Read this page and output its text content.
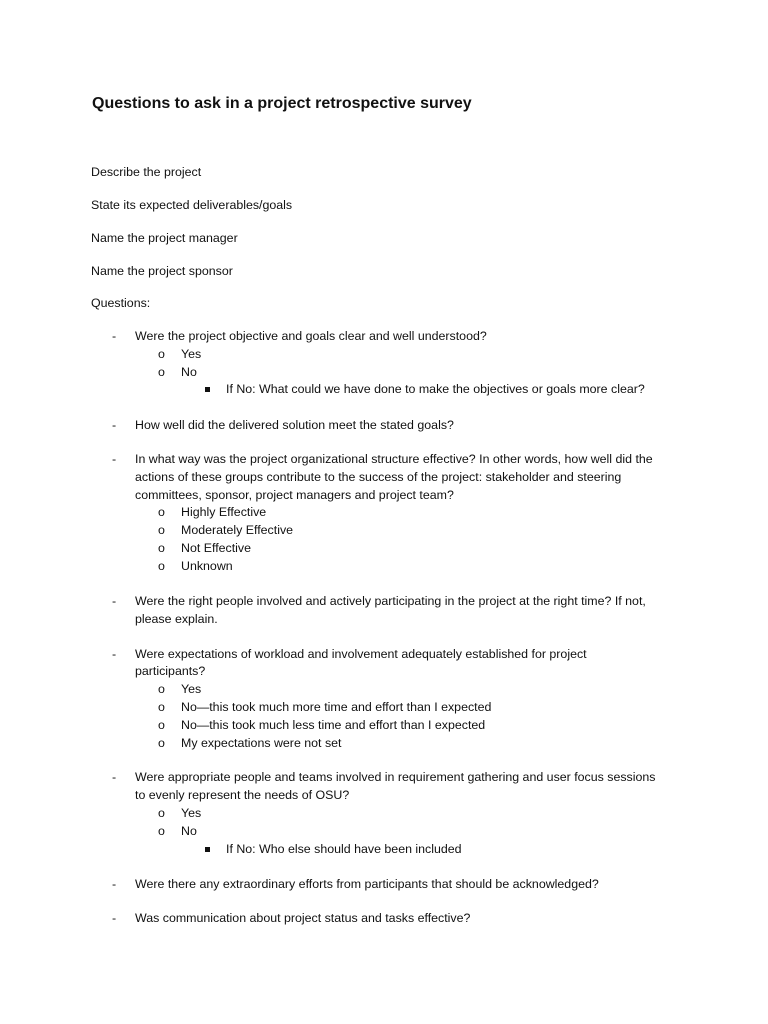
Questions to ask in a project retrospective survey
Describe the project
State its expected deliverables/goals
Name the project manager
Name the project sponsor
Questions:
- Were the project objective and goals clear and well understood?
o Yes
o No
If No: What could we have done to make the objectives or goals more clear?
- How well did the delivered solution meet the stated goals?
- In what way was the project organizational structure effective? In other words, how well did the
actions of these groups contribute to the success of the project: stakeholder and steering
committees, sponsor, project managers and project team?
o Highly Effective
o Moderately Effective
o Not Effective
o Unknown
- Were the right people involved and actively participating in the project at the right time? If not,
please explain.
- Were expectations of workload and involvement adequately established for project
participants?
o Yes
o No—this took much more time and effort than I expected
o No—this took much less time and effort than I expected
o My expectations were not set
- Were appropriate people and teams involved in requirement gathering and user focus sessions
to evenly represent the needs of OSU?
o Yes
o No
If No: Who else should have been included
- Were there any extraordinary efforts from participants that should be acknowledged?
- Was communication about project status and tasks effective?
